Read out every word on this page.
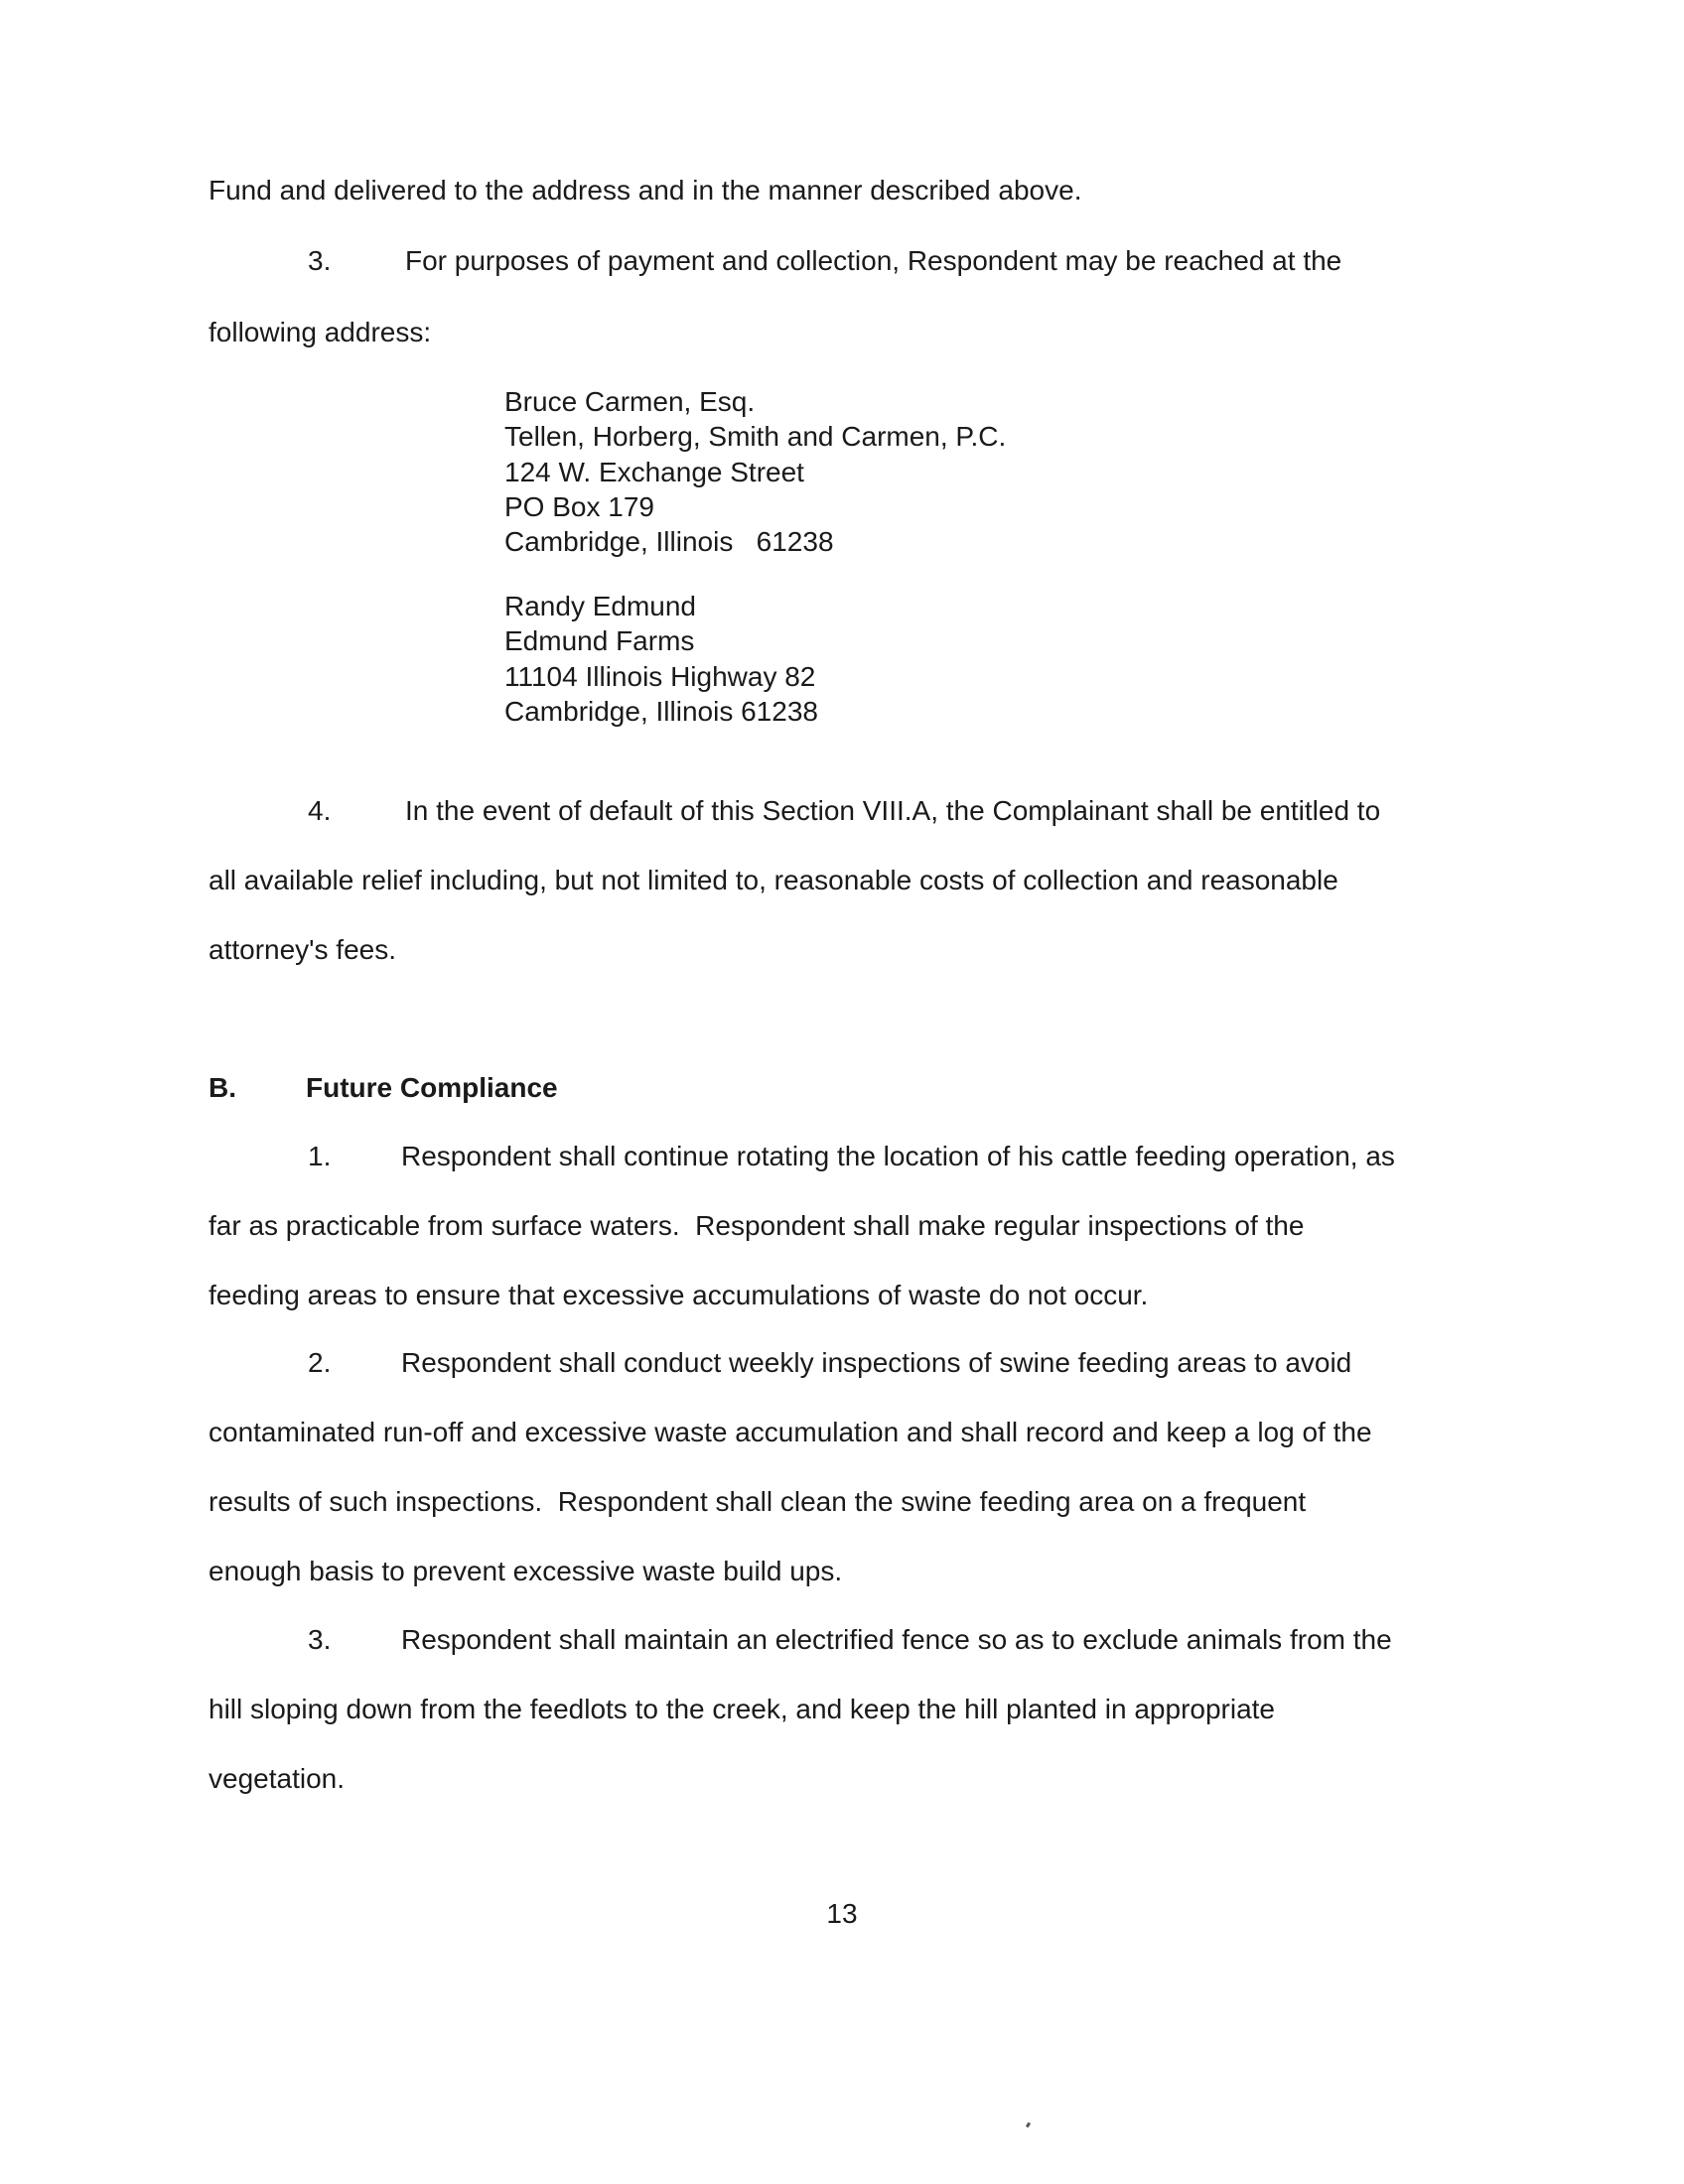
Fund and delivered to the address and in the manner described above.

3.	For purposes of payment and collection, Respondent may be reached at the

following address:

Bruce Carmen, Esq.
Tellen, Horberg, Smith and Carmen, P.C.
124 W. Exchange Street
PO Box 179
Cambridge, Illinois   61238
Randy Edmund
Edmund Farms
11104 Illinois Highway 82
Cambridge, Illinois 61238
4.	In the event of default of this Section VIII.A, the Complainant shall be entitled to

all available relief including, but not limited to, reasonable costs of collection and reasonable

attorney's fees.

B.	Future Compliance
1.	Respondent shall continue rotating the location of his cattle feeding operation, as

far as practicable from surface waters.  Respondent shall make regular inspections of the

feeding areas to ensure that excessive accumulations of waste do not occur.

2.	Respondent shall conduct weekly inspections of swine feeding areas to avoid

contaminated run-off and excessive waste accumulation and shall record and keep a log of the

results of such inspections.  Respondent shall clean the swine feeding area on a frequent

enough basis to prevent excessive waste build ups.

3.	Respondent shall maintain an electrified fence so as to exclude animals from the

hill sloping down from the feedlots to the creek, and keep the hill planted in appropriate

vegetation.

13
